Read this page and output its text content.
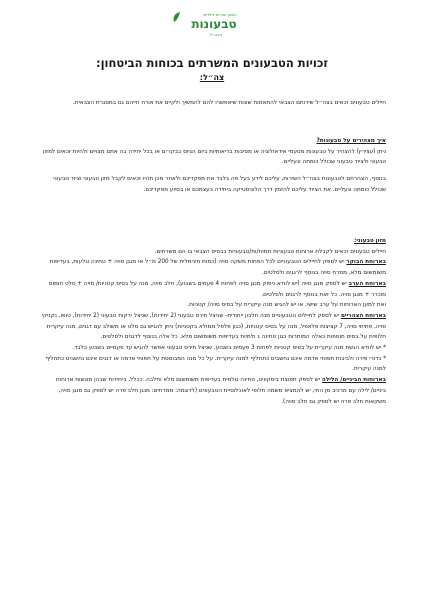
המזון הבריא לילדים
טבעונות
בצה״ל
זכויות הטבעונים המשרתים בכוחות הביטחון:
צה״ל:

חיילים טבעונים זכאים בצה״ל שירותם הצבאי להתאמות שונות שיאפשרו להם להמשיך ולקיים את אורח חייהם גם במסגרת הצבאית.

איך מצהירים על טבעונות?

ניתן (עצירין) להצהיר על טבעונות מטעמי אידאולוגיה או מסיבות בריאותיות ביום הגיוס בבקו״ם או בכל יחידה בה אתם מצויים ולהיות זכאים למזון טבעוני ולציוד טבעוני שכולל כומתה ונעליים.

בנוסף, הצהרתם לטבעונות בצה״ל השירות, עליכם לידע בעל פה בלבד את מפקדיכם ולאחר מכן תהיו זכאים לקבל מזון טבעוני וציוד טבעוני שכולל כומתה ונעליים. את הציוד עליכם להזמין דרך הלוגיסטיקה ביחידה בעצמכם או בסיוע מפקדיכם.

מזון טבעוני:

חיילים טבעונים זכאים לקבלת ארוחות טבעוניות תמות/ות/טבעוניות בבסיס הצבאי בו הם משרתים.

בארוחת הבוקר יש לספק לחיילים הטבעוניים לכל הפחות משקה סויה (כמות מינימלית של 200 מ״ל או מנגן סויה + טחינה וגלעות, בעדיפות משומשום מלא, ממרח סויה בנוסף לרגנים ולסלטים.

בארוחת הערב יש לספק מנגן סויה (יש לוודא ניפוק מנגן סויה לפחות 4 פעמים בשבוע), חלב סויה, מנה על בסיס קטניות/ סויה + סלט חומוס מוכרר + מנגן סויה. כל זאת בנוסף לרגנים ולסלטים.

ואת למען הארוחות על ערב שישי, או יש להגיש מנה עיקרית על בסיס סויה/ קטניות.

בארוחת הצהריים יש לספק לחיילים הטבעוניים מנה חלבון ייחודית- שניצל תירס טבעוני (2 יחידות), שניצל ירקות טבעוני (2 יחידות), טופו, נקניקי סויה, פתיתי סויה, 7 קציצות פלאפל, מנה על בסיס קטניות, (כגון פלפל ממולא בקטניות) ניתן להגיש גם סלט או משולב עם דגנים, מנה עיקרית חלופית על בסיס תוספות כאלה המותרות כגון טחינה ג ולמיות בעדיפות משומשום מלא. כל אלה בנוסף לדגנים ולסלטים.

* יש לוודא הגשת מנה עיקרית על בסיס קטניות לפחות 3 פעמים בשבוע. שניצל תירס טבעוני אפשר להגיש עד פעמיים בשבוע בלבד.

* כדורי פירה ולביבות תפוחי אדמה אינם נחשבים כתחליף למנה עיקרית. על כל מנה המבוססת על תפוחי אדמה או דגנים אינם נחשבים כתחליף למנה עיקרית.

בארוחות הביניים/ הלילה יש לספק תפוצת ביסקוויט, טחינה גולמית בעדיפות משומשום מלא וחלבה. ככלל, ביחידות שבהן מוגשות ארוחות ביניים/ לילה עם מרכיב מן החי, יש להמציא משמה חלופי לאוכלוסיית הטבעונים (לדוגמה: ממרחים: מנגן חלב פרה יש לספק גם מנגן סויה, משקאות חלב פרה יש לספק גם חלב סויה).
